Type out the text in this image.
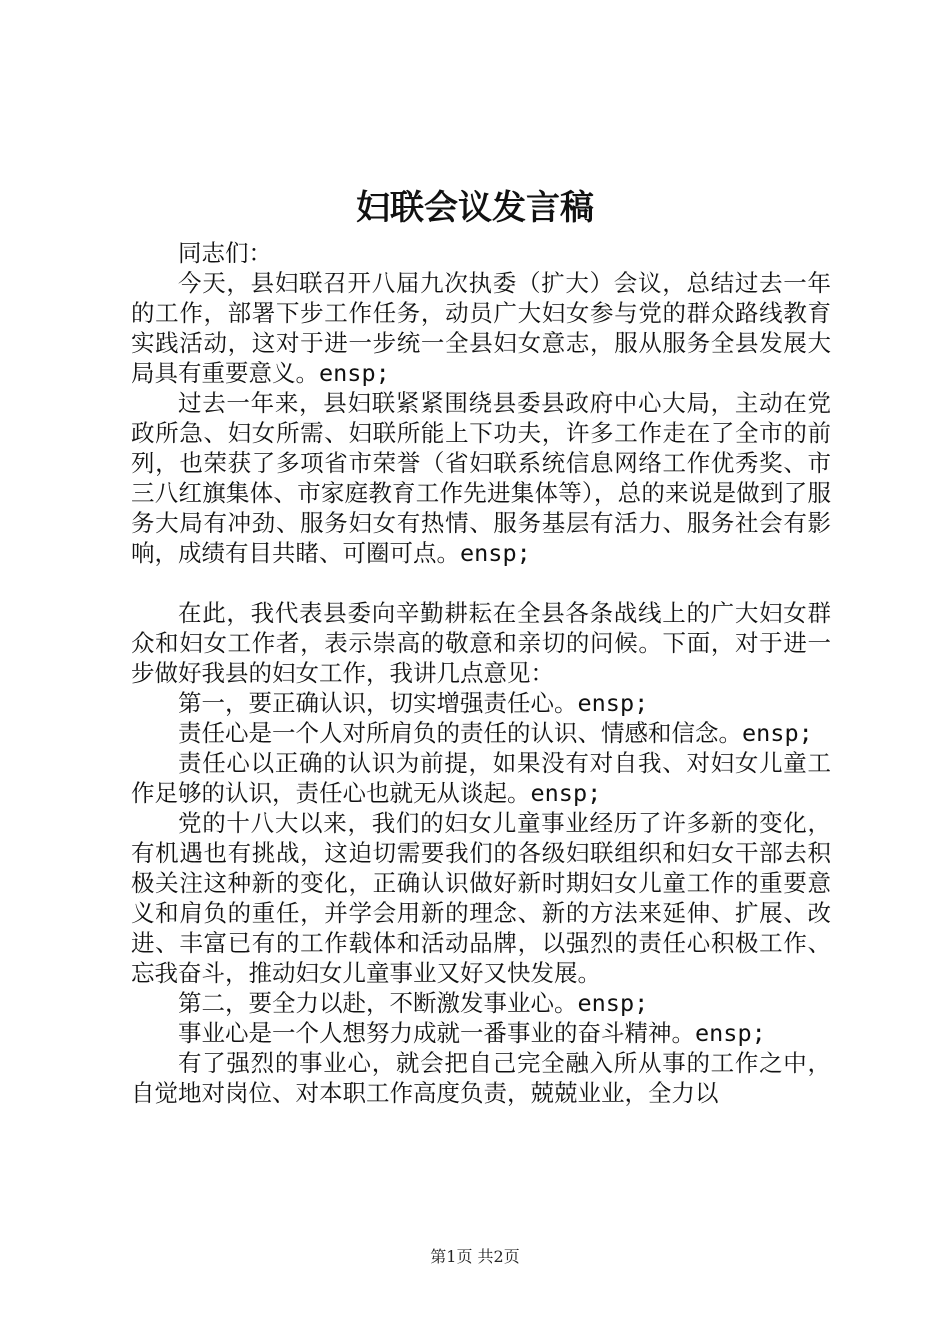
妇联会议发言稿

同志们：

今天，县妇联召开八届九次执委（扩大）会议，总结过去一年的工作，部署下步工作任务，动员广大妇女参与党的群众路线教育实践活动，这对于进一步统一全县妇女意志，服从服务全县发展大局具有重要意义。ensp;

过去一年来，县妇联紧紧围绕县委县政府中心大局，主动在党政所急、妇女所需、妇联所能上下功夫，许多工作走在了全市的前列，也荣获了多项省市荣誉（省妇联系统信息网络工作优秀奖、市三八红旗集体、市家庭教育工作先进集体等），总的来说是做到了服务大局有冲劲、服务妇女有热情、服务基层有活力、服务社会有影响，成绩有目共睹、可圈可点。ensp;

在此，我代表县委向辛勤耕耘在全县各条战线上的广大妇女群众和妇女工作者，表示崇高的敬意和亲切的问候。下面，对于进一步做好我县的妇女工作，我讲几点意见：

第一，要正确认识，切实增强责任心。ensp;

责任心是一个人对所肩负的责任的认识、情感和信念。ensp;

责任心以正确的认识为前提，如果没有对自我、对妇女儿童工作足够的认识，责任心也就无从谈起。ensp;

党的十八大以来，我们的妇女儿童事业经历了许多新的变化，有机遇也有挑战，这迫切需要我们的各级妇联组织和妇女干部去积极关注这种新的变化，正确认识做好新时期妇女儿童工作的重要意义和肩负的重任，并学会用新的理念、新的方法来延伸、扩展、改进、丰富已有的工作载体和活动品牌，以强烈的责任心积极工作、忘我奋斗，推动妇女儿童事业又好又快发展。

第二，要全力以赴，不断激发事业心。ensp;

事业心是一个人想努力成就一番事业的奋斗精神。ensp;

有了强烈的事业心，就会把自己完全融入所从事的工作之中，自觉地对岗位、对本职工作高度负责，兢兢业业，全力以

第1页 共2页
